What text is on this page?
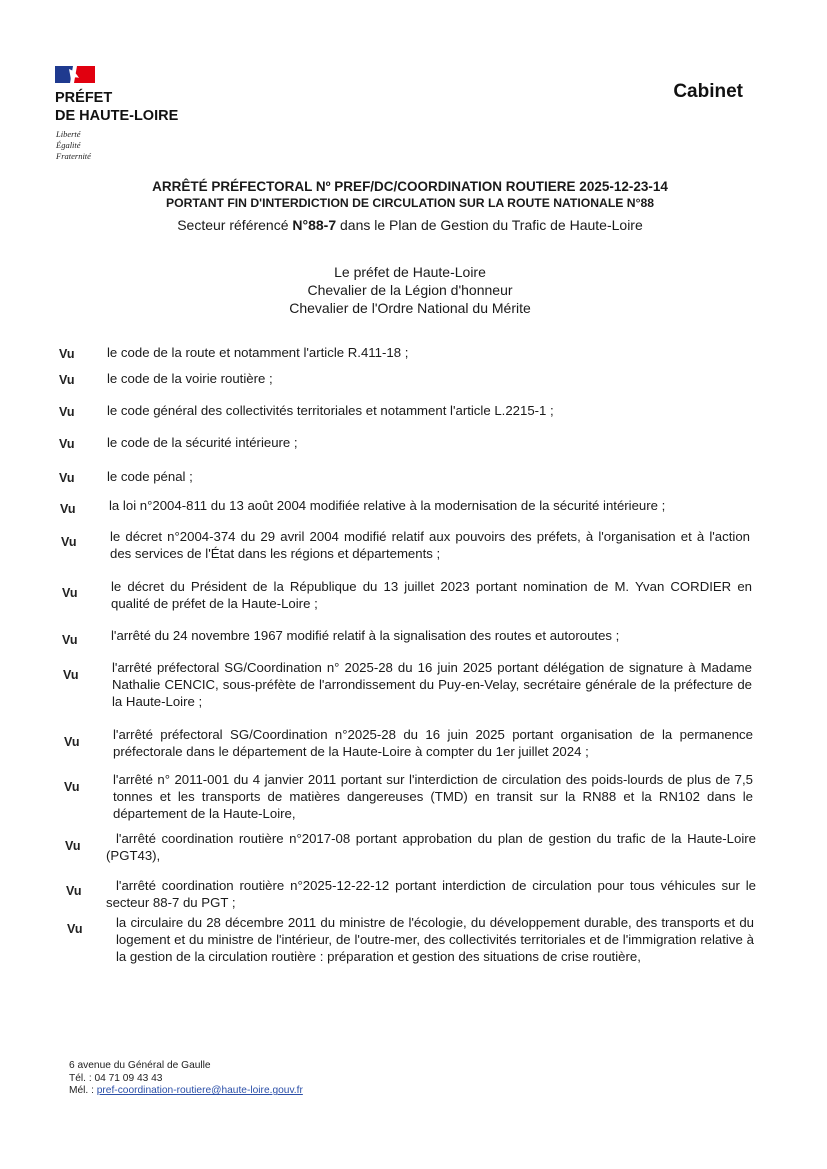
PRÉFET
DE HAUTE-LOIRE
Liberté
Égalité
Fraternité
Cabinet
ARRÊTÉ PRÉFECTORAL Nº PREF/DC/COORDINATION ROUTIERE 2025-12-23-14
PORTANT FIN D'INTERDICTION DE CIRCULATION SUR LA ROUTE NATIONALE N°88
Secteur référencé N°88-7 dans le Plan de Gestion du Trafic de Haute-Loire
Le préfet de Haute-Loire
Chevalier de la Légion d'honneur
Chevalier de l'Ordre National du Mérite
Vu le code de la route et notamment l'article R.411-18 ;
Vu le code de la voirie routière ;
Vu le code général des collectivités territoriales et notamment l'article L.2215-1 ;
Vu le code de la sécurité intérieure ;
Vu le code pénal ;
Vu	la loi n°2004-811 du 13 août 2004 modifiée relative à la modernisation de la sécurité intérieure ;
Vu	le décret n°2004-374 du 29 avril 2004 modifié relatif aux pouvoirs des préfets, à l'organisation et à l'action des services de l'État dans les régions et départements ;
Vu	le décret du Président de la République du 13 juillet 2023 portant nomination de M. Yvan CORDIER en qualité de préfet de la Haute-Loire ;
Vu	l'arrêté du 24 novembre 1967 modifié relatif à la signalisation des routes et autoroutes ;
Vu	l'arrêté préfectoral SG/Coordination n° 2025-28 du 16 juin 2025 portant délégation de signature à Madame Nathalie CENCIC, sous-préfète de l'arrondissement du Puy-en-Velay, secrétaire générale de la préfecture de la Haute-Loire ;
Vu	l'arrêté préfectoral SG/Coordination n°2025-28 du 16 juin 2025 portant organisation de la permanence préfectorale dans le département de la Haute-Loire à compter du 1er juillet 2024 ;
Vu	l'arrêté n° 2011-001 du 4 janvier 2011 portant sur l'interdiction de circulation des poids-lourds de plus de 7,5 tonnes et les transports de matières dangereuses (TMD) en transit sur la RN88 et la RN102 dans le département de la Haute-Loire,
Vu	l'arrêté coordination routière n°2017-08 portant approbation du plan de gestion du trafic de la Haute-Loire (PGT43),
Vu	l'arrêté coordination routière n°2025-12-22-12 portant interdiction de circulation pour tous véhicules sur le secteur 88-7 du PGT ;
Vu	la circulaire du 28 décembre 2011 du ministre de l'écologie, du développement durable, des transports et du logement et du ministre de l'intérieur, de l'outre-mer, des collectivités territoriales et de l'immigration relative à la gestion de la circulation routière : préparation et gestion des situations de crise routière,
6 avenue du Général de Gaulle
Tél. : 04 71 09 43 43
Mél. : pref-coordination-routiere@haute-loire.gouv.fr
